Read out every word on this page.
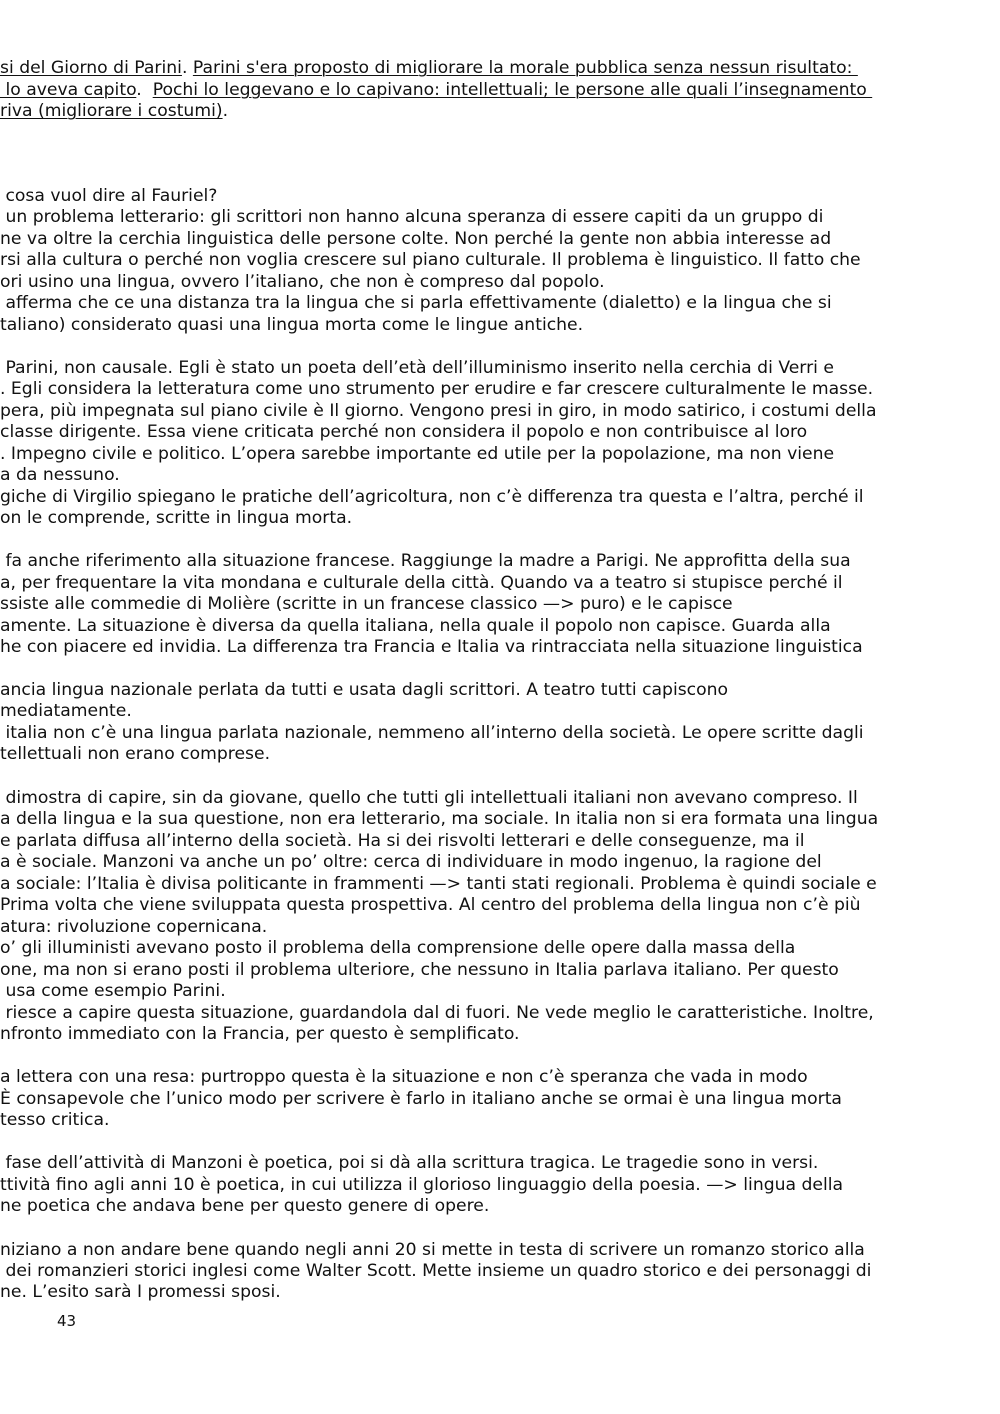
si del Giorno di Parini. Parini s'era proposto di migliorare la morale pubblica senza nessun risultato:

lo aveva capito.  Pochi lo leggevano e lo capivano: intellettuali; le persone alle quali l’insegnamento

riva (migliorare i costumi).

cosa vuol dire al Fauriel?

un problema letterario: gli scrittori non hanno alcuna speranza di essere capiti da un gruppo di

ne va oltre la cerchia linguistica delle persone colte. Non perché la gente non abbia interesse ad

rsi alla cultura o perché non voglia crescere sul piano culturale. Il problema è linguistico. Il fatto che

ori usino una lingua, ovvero l’italiano, che non è compreso dal popolo.

afferma che ce una distanza tra la lingua che si parla effettivamente (dialetto) e la lingua che si

taliano) considerato quasi una lingua morta come le lingue antiche.

Parini, non causale. Egli è stato un poeta dell’età dell’illuminismo inserito nella cerchia di Verri e

. Egli considera la letteratura come uno strumento per erudire e far crescere culturalmente le masse.

pera, più impegnata sul piano civile è Il giorno. Vengono presi in giro, in modo satirico, i costumi della

classe dirigente. Essa viene criticata perché non considera il popolo e non contribuisce al loro

. Impegno civile e politico. L’opera sarebbe importante ed utile per la popolazione, ma non viene

a da nessuno.

giche di Virgilio spiegano le pratiche dell’agricoltura, non c’è differenza tra questa e l’altra, perché il

on le comprende, scritte in lingua morta.

fa anche riferimento alla situazione francese. Raggiunge la madre a Parigi. Ne approfitta della sua

a, per frequentare la vita mondana e culturale della città. Quando va a teatro si stupisce perché il

ssiste alle commedie di Molière (scritte in un francese classico —> puro) e le capisce

amente. La situazione è diversa da quella italiana, nella quale il popolo non capisce. Guarda alla

he con piacere ed invidia. La differenza tra Francia e Italia va rintracciata nella situazione linguistica

ancia lingua nazionale perlata da tutti e usata dagli scrittori. A teatro tutti capiscono

mediatamente.

italia non c’è una lingua parlata nazionale, nemmeno all’interno della società. Le opere scritte dagli

tellettuali non erano comprese.

dimostra di capire, sin da giovane, quello che tutti gli intellettuali italiani non avevano compreso. Il

a della lingua e la sua questione, non era letterario, ma sociale. In italia non si era formata una lingua

e parlata diffusa all’interno della società. Ha si dei risvolti letterari e delle conseguenze, ma il

a è sociale. Manzoni va anche un po’ oltre: cerca di individuare in modo ingenuo, la ragione del

a sociale: l’Italia è divisa politicante in frammenti —> tanti stati regionali. Problema è quindi sociale e

Prima volta che viene sviluppata questa prospettiva. Al centro del problema della lingua non c’è più

atura: rivoluzione copernicana.

o’ gli illuministi avevano posto il problema della comprensione delle opere dalla massa della

one, ma non si erano posti il problema ulteriore, che nessuno in Italia parlava italiano. Per questo

usa come esempio Parini.

riesce a capire questa situazione, guardandola dal di fuori. Ne vede meglio le caratteristiche. Inoltre,

nfronto immediato con la Francia, per questo è semplificato.

a lettera con una resa: purtroppo questa è la situazione e non c’è speranza che vada in modo

È consapevole che l’unico modo per scrivere è farlo in italiano anche se ormai è una lingua morta

tesso critica.

fase dell’attività di Manzoni è poetica, poi si dà alla scrittura tragica. Le tragedie sono in versi.

ttività fino agli anni 10 è poetica, in cui utilizza il glorioso linguaggio della poesia. —> lingua della

ne poetica che andava bene per questo genere di opere.

niziano a non andare bene quando negli anni 20 si mette in testa di scrivere un romanzo storico alla

dei romanzieri storici inglesi come Walter Scott. Mette insieme un quadro storico e dei personaggi di

ne. L’esito sarà I promessi sposi.

43
